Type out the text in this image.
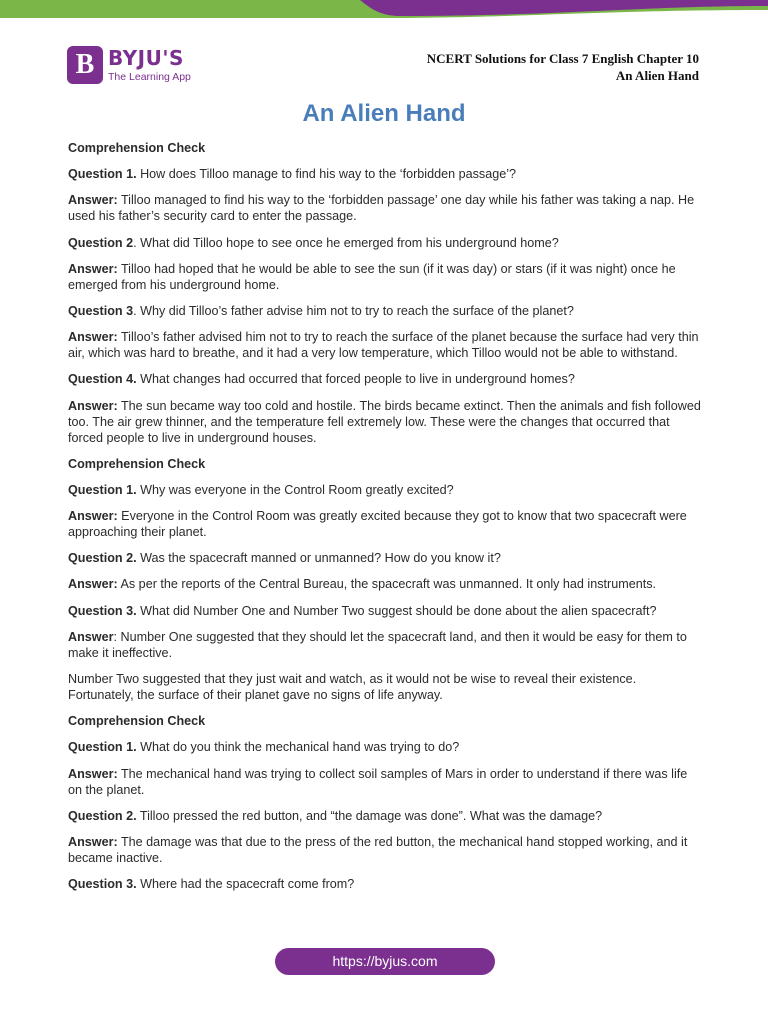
B BYJU'S
The Learning App
NCERT Solutions for Class 7 English Chapter 10
An Alien Hand
An Alien Hand
Comprehension Check
Question 1. How does Tilloo manage to find his way to the ‘forbidden passage’?
Answer: Tilloo managed to find his way to the ‘forbidden passage’ one day while his father was taking a nap. He used his father’s security card to enter the passage.
Question 2. What did Tilloo hope to see once he emerged from his underground home?
Answer: Tilloo had hoped that he would be able to see the sun (if it was day) or stars (if it was night) once he emerged from his underground home.
Question 3. Why did Tilloo’s father advise him not to try to reach the surface of the planet?
Answer: Tilloo’s father advised him not to try to reach the surface of the planet because the surface had very thin air, which was hard to breathe, and it had a very low temperature, which Tilloo would not be able to withstand.
Question 4. What changes had occurred that forced people to live in underground homes?
Answer: The sun became way too cold and hostile. The birds became extinct. Then the animals and fish followed too. The air grew thinner, and the temperature fell extremely low. These were the changes that occurred that forced people to live in underground houses.
Comprehension Check
Question 1. Why was everyone in the Control Room greatly excited?
Answer: Everyone in the Control Room was greatly excited because they got to know that two spacecraft were approaching their planet.
Question 2. Was the spacecraft manned or unmanned? How do you know it?
Answer: As per the reports of the Central Bureau, the spacecraft was unmanned. It only had instruments.
Question 3. What did Number One and Number Two suggest should be done about the alien spacecraft?
Answer: Number One suggested that they should let the spacecraft land, and then it would be easy for them to make it ineffective.
Number Two suggested that they just wait and watch, as it would not be wise to reveal their existence. Fortunately, the surface of their planet gave no signs of life anyway.
Comprehension Check
Question 1. What do you think the mechanical hand was trying to do?
Answer: The mechanical hand was trying to collect soil samples of Mars in order to understand if there was life on the planet.
Question 2. Tilloo pressed the red button, and “the damage was done”. What was the damage?
Answer: The damage was that due to the press of the red button, the mechanical hand stopped working, and it became inactive.
Question 3. Where had the spacecraft come from?
https://byjus.com
